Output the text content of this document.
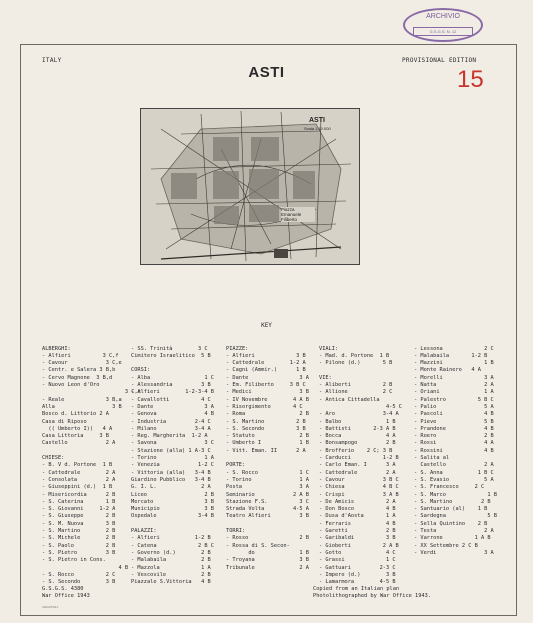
ARCHIVIO
G.S.G.S. N. 12
ITALY	PROVISIONAL EDITION
ASTI	15
ASTI
Scala 1:10.000
Piazza Emanuele Filiberto
KEY

ALBERGHI:
- Alfieri          3 C,f
- Cavour            3 C,e
- Centr. e Salera 3 B,b
- Cervo Magnone  3 B,d
- Nuovo Leon d'Oro
3 C,c
- Reale             3 B,a
Alla                  3 B
Bosco d. Littorio 2 A
Casa di Riposo
(( Umberto I))   4 A
Casa Littoria     3 B
Castello            2 A
CHIESE:
- B. V d. Portone  1 B
- Cattedrale        2 A
- Consolata         2 A
- Giuseppini (d.)  1 B
- Misericordia      2 B
- S. Caterina       1 B
- S. Giovanni     1-2 A
- S. Giuseppe       2 B
- S. M. Nuova       3 B
- S. Martino        2 B
- S. Michele        2 B
- S. Paolo          2 B
- S. Pietro         3 B
- S. Pietro in Cons.
4 B
- S. Rocco          2 C
- S. Secondo        3 B

- SS. Trinità        3 C
Cimitero Israelitico  5 B
CORSI:
- Alba                 1 C
- Alessandria         3 B
- Alfieri        1-2-3-4 B
- Cavallotti          4 C
- Dante                3 A
- Genova               4 B
- Industria         2-4 C
- Milano            3-4 A
- Reg. Margherita  1-2 A
- Savona               3 C
- Stazione (alla) 1 A-3 C
- Torino               1 A
- Venezia            1-2 C
- Vittoria (alla)   3-4 B
Giardino Pubblico   3-4 B
G. I. L.              2 A
Liceo                  2 B
Mercato                3 B
Municipio              3 B
Ospedale             3-4 B
PALAZZI:
- Alfieri           1-2 B
- Catena             2 B C
- Governo (d.)        2 B
- Malabaila           2 B
- Mazzola             1 A
- Vescovile           2 B
Piazzale S.Vittoria   4 B

PIAZZE:
- Alfieri             3 B
- Cattedrale        1-2 A
- Cagni (Ammir.)      1 B
- Dante                3 A
- Em. Filiberto     3 B C
- Medici               3 B
- IV Novembre        4 A B
- Risorgimento       4 C
- Roma                 2 B
- S. Martino          2 B
- S. Secondo          3 B
- Statuto              2 B
- Umberto I            1 B
- Vitt. Eman. II      2 A
PORTE:
- S. Rocco             1 C
- Torino               1 A
Posta                  3 A
Seminario            2 A B
Stazione F.S.          3 C
Strada Volta         4-5 A
Teatro Alfieri         3 B
TORRI:
- Rosso                2 B
- Rossa di S. Secon-
do              1 B
- Troyana              3 B
Tribunale              2 A

VIALI:
- Mad. d. Portone  1 B
- Pilone (d.)       5 B
VIE:
- Aliberti          2 B
- Allione           2 C
- Antica Cittadella
4-5 C
- Aro               3-4 A
- Balbo              1 B
- Battisti       2-3 A B
- Bocca              4 A
- Bonsampogo         2 B
- Brofferio    2 C; 3 B
- Carducci          1-2 B
- Carlo Eman. I      3 A
- Cattedrale         2 A
- Cavour            3 B C
- Chiesa            4 B C
- Crispi            3 A B
- De Amicis          2 A
- Don Bosco          4 B
- Dusa d'Aosta       1 A
- Ferraris           4 B
- Garetti            2 B
- Garibaldi          3 B
- Gioberti          2 A B
- Gotto              4 C
- Grassi             1 C
- Gattuari         2-3 C
- Impero (d.)        3 B
- Lamarmora        4-5 B

- Lessona             2 C
- Malabaila       1-2 B
- Mazzini             1 B
- Monte Rainero   4 A
- Morelli             3 A
- Natta               2 A
- Oriani              1 A
- Palestro          5 B C
- Palio               5 A
- Pascoli             4 B
- Pieve               5 B
- Prandone            4 B
- Roero               2 B
- Rossi               4 A
- Rossini             4 B
- Salita al
Castello            2 A
- S. Anna           1 B C
- S. Evasio           5 A
- S. Francesco     2 C
- S. Marco             1 B
- S. Martino         2 B
- Santuario (al)    1 B
- Sardegna             5 B
- Sella Quintino    2 B
- Testa               2 A
- Varrone          1 A B
- XX Settembre 2 C B
- Verdi               3 A

G.S.G.S. 4380
War Office 1943
Copied from an Italian plan
Photolithographed by War Office 1943.
ANAGHENIA
